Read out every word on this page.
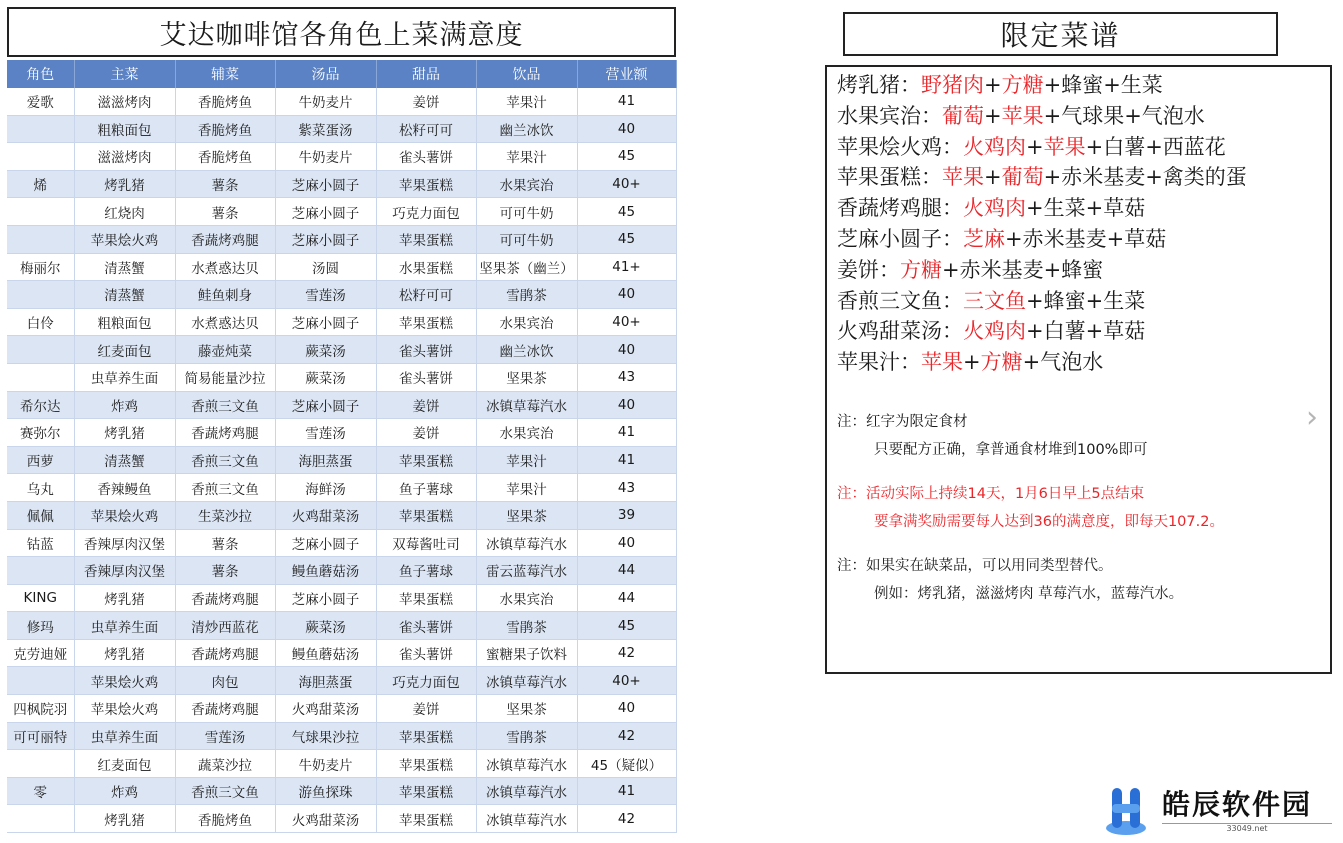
艾达咖啡馆各角色上菜满意度
角色	主菜	辅菜	汤品	甜品	饮品	营业额
爱歌	滋滋烤肉	香脆烤鱼	牛奶麦片	姜饼	苹果汁	41
	粗粮面包	香脆烤鱼	紫菜蛋汤	松籽可可	幽兰冰饮	40
	滋滋烤肉	香脆烤鱼	牛奶麦片	雀头薯饼	苹果汁	45
烯	烤乳猪	薯条	芝麻小圆子	苹果蛋糕	水果宾治	40+
	红烧肉	薯条	芝麻小圆子	巧克力面包	可可牛奶	45
	苹果烩火鸡	香蔬烤鸡腿	芝麻小圆子	苹果蛋糕	可可牛奶	45
梅丽尔	清蒸蟹	水煮惑达贝	汤圆	水果蛋糕	坚果茶（幽兰）	41+
	清蒸蟹	鲑鱼刺身	雪莲汤	松籽可可	雪鹃茶	40
白伶	粗粮面包	水煮惑达贝	芝麻小圆子	苹果蛋糕	水果宾治	40+
	红麦面包	藤壶炖菜	蕨菜汤	雀头薯饼	幽兰冰饮	40
	虫草养生面	简易能量沙拉	蕨菜汤	雀头薯饼	坚果茶	43
希尔达	炸鸡	香煎三文鱼	芝麻小圆子	姜饼	冰镇草莓汽水	40
赛弥尔	烤乳猪	香蔬烤鸡腿	雪莲汤	姜饼	水果宾治	41
西萝	清蒸蟹	香煎三文鱼	海胆蒸蛋	苹果蛋糕	苹果汁	41
乌丸	香辣鳗鱼	香煎三文鱼	海鲜汤	鱼子薯球	苹果汁	43
佩佩	苹果烩火鸡	生菜沙拉	火鸡甜菜汤	苹果蛋糕	坚果茶	39
钴蓝	香辣厚肉汉堡	薯条	芝麻小圆子	双莓酱吐司	冰镇草莓汽水	40
	香辣厚肉汉堡	薯条	鳗鱼蘑菇汤	鱼子薯球	雷云蓝莓汽水	44
KING	烤乳猪	香蔬烤鸡腿	芝麻小圆子	苹果蛋糕	水果宾治	44
修玛	虫草养生面	清炒西蓝花	蕨菜汤	雀头薯饼	雪鹃茶	45
克劳迪娅	烤乳猪	香蔬烤鸡腿	鳗鱼蘑菇汤	雀头薯饼	蜜糖果子饮料	42
	苹果烩火鸡	肉包	海胆蒸蛋	巧克力面包	冰镇草莓汽水	40+
四枫院羽	苹果烩火鸡	香蔬烤鸡腿	火鸡甜菜汤	姜饼	坚果茶	40
可可丽特	虫草养生面	雪莲汤	气球果沙拉	苹果蛋糕	雪鹃茶	42
	红麦面包	蔬菜沙拉	牛奶麦片	苹果蛋糕	冰镇草莓汽水	45（疑似）
零	炸鸡	香煎三文鱼	游鱼探珠	苹果蛋糕	冰镇草莓汽水	41
	烤乳猪	香脆烤鱼	火鸡甜菜汤	苹果蛋糕	冰镇草莓汽水	42
限定菜谱
烤乳猪：野猪肉+方糖+蜂蜜+生菜
水果宾治：葡萄+苹果+气球果+气泡水
苹果烩火鸡：火鸡肉+苹果+白薯+西蓝花
苹果蛋糕：苹果+葡萄+赤米基麦+禽类的蛋
香蔬烤鸡腿：火鸡肉+生菜+草菇
芝麻小圆子：芝麻+赤米基麦+草菇
姜饼：方糖+赤米基麦+蜂蜜
香煎三文鱼：三文鱼+蜂蜜+生菜
火鸡甜菜汤：火鸡肉+白薯+草菇
苹果汁：苹果+方糖+气泡水
注：红字为限定食材
只要配方正确，拿普通食材堆到100%即可
注：活动实际上持续14天，1月6日早上5点结束
要拿满奖励需要每人达到36的满意度，即每天107.2。
注：如果实在缺菜品，可以用同类型替代。
例如：烤乳猪，滋滋烤肉 草莓汽水，蓝莓汽水。
›
皓辰软件园
33049.net
